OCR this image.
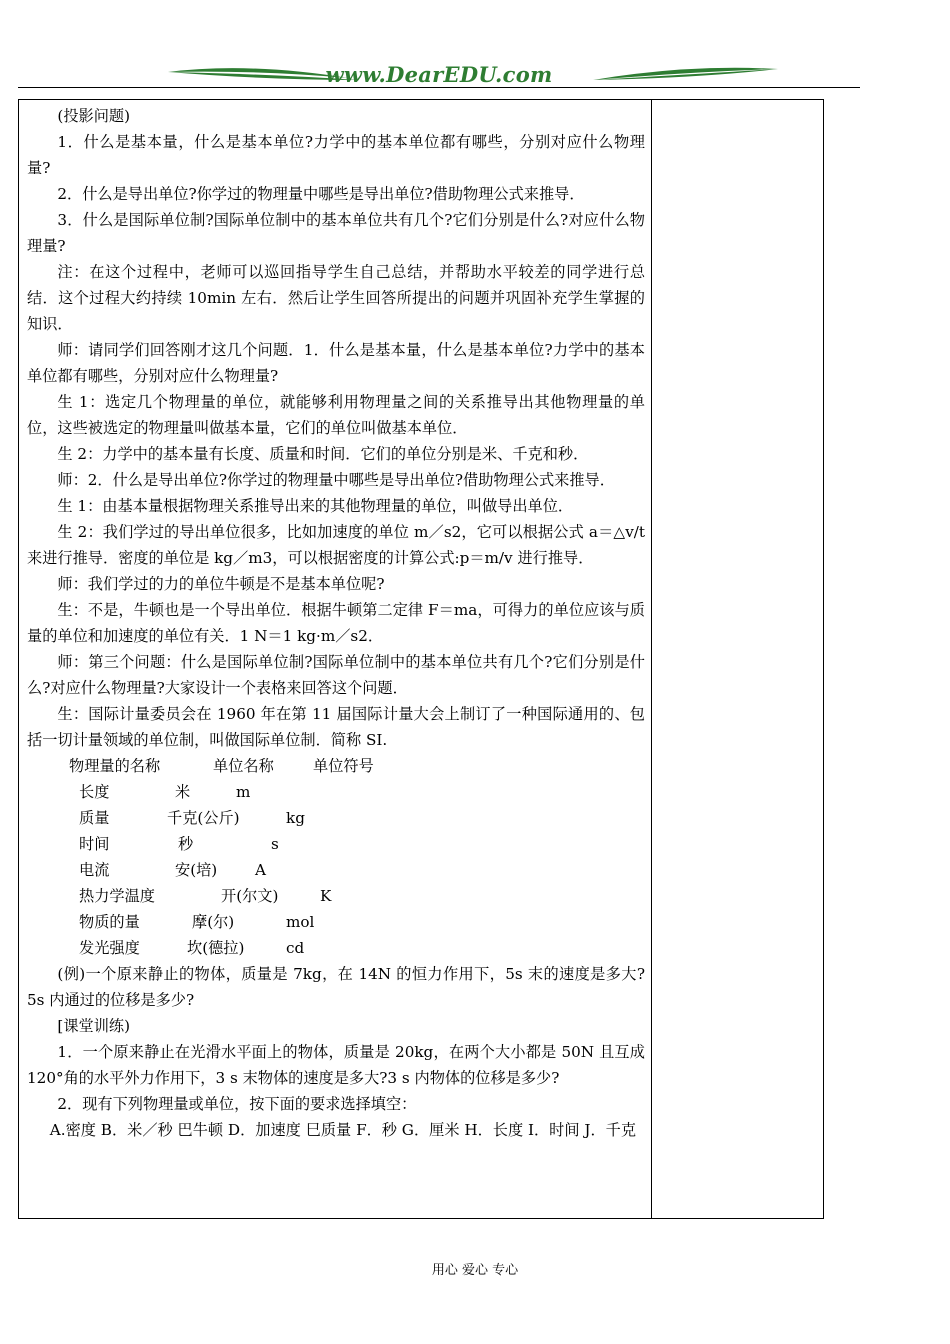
www.DearEDU.com

(投影问题)

1．什么是基本量，什么是基本单位?力学中的基本单位都有哪些，分别对应什么物理量?

2．什么是导出单位?你学过的物理量中哪些是导出单位?借助物理公式来推导．

3．什么是国际单位制?国际单位制中的基本单位共有几个?它们分别是什么?对应什么物理量?

注：在这个过程中，老师可以巡回指导学生自己总结，并帮助水平较差的同学进行总结．这个过程大约持续 10min 左右．然后让学生回答所提出的问题并巩固补充学生掌握的知识．

师：请同学们回答刚才这几个问题．1．什么是基本量，什么是基本单位?力学中的基本单位都有哪些，分别对应什么物理量?

生 1：选定几个物理量的单位，就能够利用物理量之间的关系推导出其他物理量的单位，这些被选定的物理量叫做基本量，它们的单位叫做基本单位．

生 2：力学中的基本量有长度、质量和时间．它们的单位分别是米、千克和秒．

师：2．什么是导出单位?你学过的物理量中哪些是导出单位?借助物理公式来推导．

生 1：由基本量根据物理关系推导出来的其他物理量的单位，叫做导出单位．

生 2：我们学过的导出单位很多，比如加速度的单位 m／s2，它可以根据公式 a＝△v/t 来进行推导．密度的单位是 kg／m3，可以根据密度的计算公式:p＝m/v 进行推导．

师：我们学过的力的单位牛顿是不是基本单位呢?

生：不是，牛顿也是一个导出单位．根据牛顿第二定律 F＝ma，可得力的单位应该与质量的单位和加速度的单位有关．1 N＝1 kg·m／s2．

师：第三个问题：什么是国际单位制?国际单位制中的基本单位共有几个?它们分别是什么?对应什么物理量?大家设计一个表格来回答这个问题．

生：国际计量委员会在 1960 年在第 11 届国际计量大会上制订了一种国际通用的、包括一切计量领域的单位制，叫做国际单位制．简称 SI.

物理量的名称	单位名称	单位符号
长度	米	m
质量	千克(公斤)	kg
时间	秒	s
电流	安(培) A
热力学温度	开(尔文)	K
物质的量	摩(尔)	mol
发光强度	坎(德拉)	cd

(例)一个原来静止的物体，质量是 7kg，在 14N 的恒力作用下，5s 末的速度是多大?5s 内通过的位移是多少?

[课堂训练)

1．一个原来静止在光滑水平面上的物体，质量是 20kg，在两个大小都是 50N 且互成 120°角的水平外力作用下，3 s 末物体的速度是多大?3 s 内物体的位移是多少?

2．现有下列物理量或单位，按下面的要求选择填空：

A.密度 B．米／秒 巴牛顿 D．加速度 巳质量 F．秒 G．厘米 H．长度 I．时间 J．千克

用心 爱心 专心
